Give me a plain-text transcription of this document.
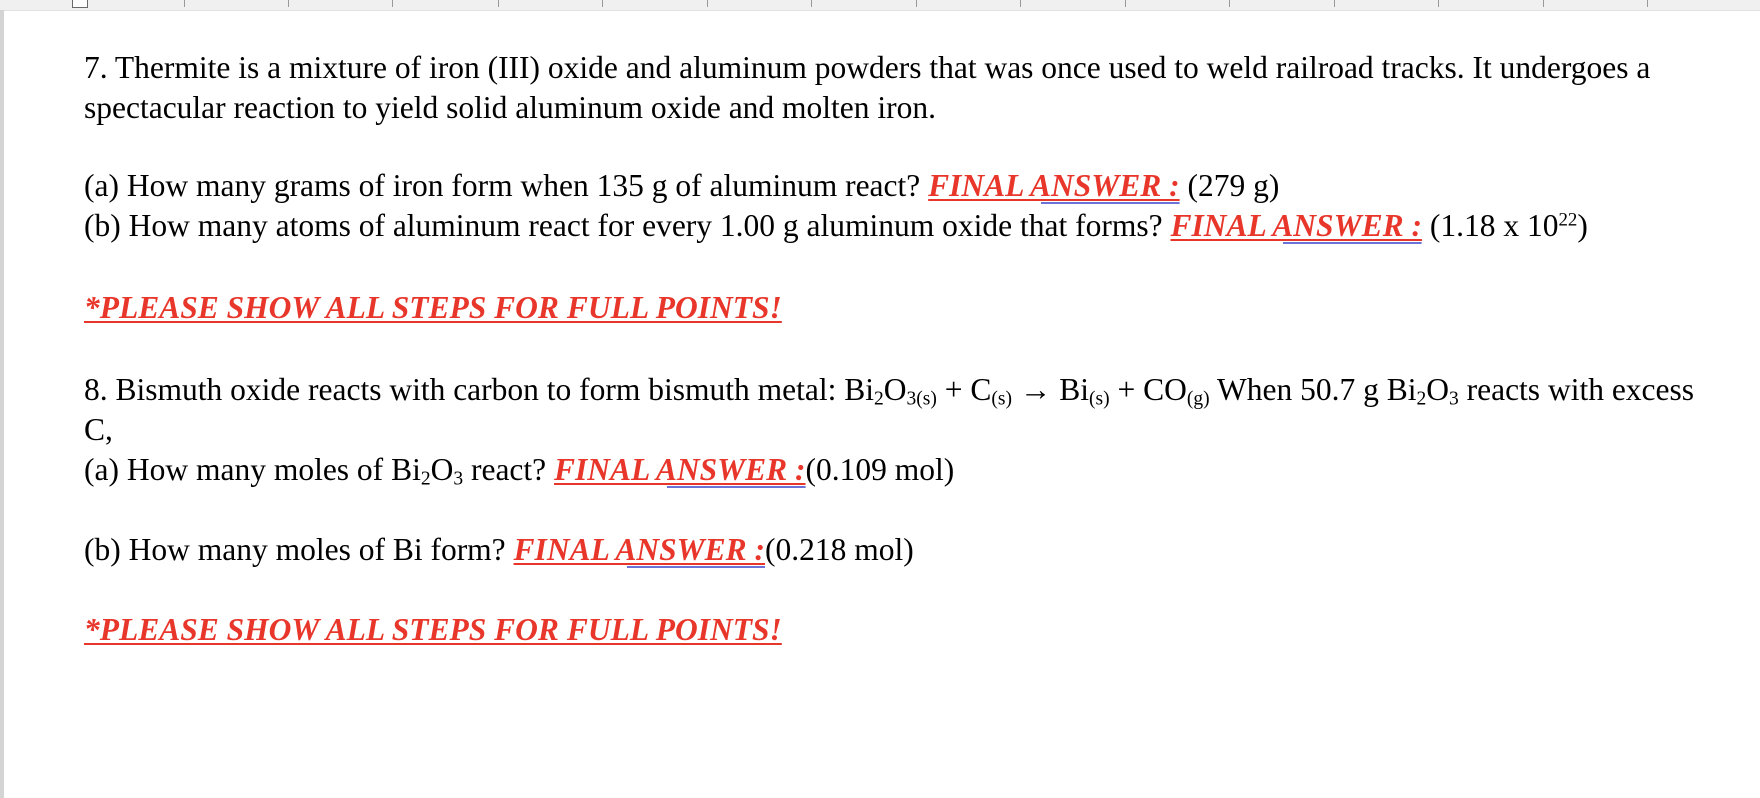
7. Thermite is a mixture of iron (III) oxide and aluminum powders that was once used to weld railroad tracks. It undergoes a spectacular reaction to yield solid aluminum oxide and molten iron.

(a) How many grams of iron form when 135 g of aluminum react? FINAL ANSWER : (279 g)

(b) How many atoms of aluminum react for every 1.00 g aluminum oxide that forms? FINAL ANSWER : (1.18 x $10^{22}$)

*PLEASE SHOW ALL STEPS FOR FULL POINTS!

8. Bismuth oxide reacts with carbon to form bismuth metal: $Bi_2O_{3(s)} + C_{(s)} \to Bi_{(s)} + CO_{(g)}$ When 50.7 g $Bi_2O_3$ reacts with excess C,

(a) How many moles of $Bi_2O_3$ react? FINAL ANSWER :(0.109 mol)

(b) How many moles of Bi form? FINAL ANSWER :(0.218 mol)

*PLEASE SHOW ALL STEPS FOR FULL POINTS!
